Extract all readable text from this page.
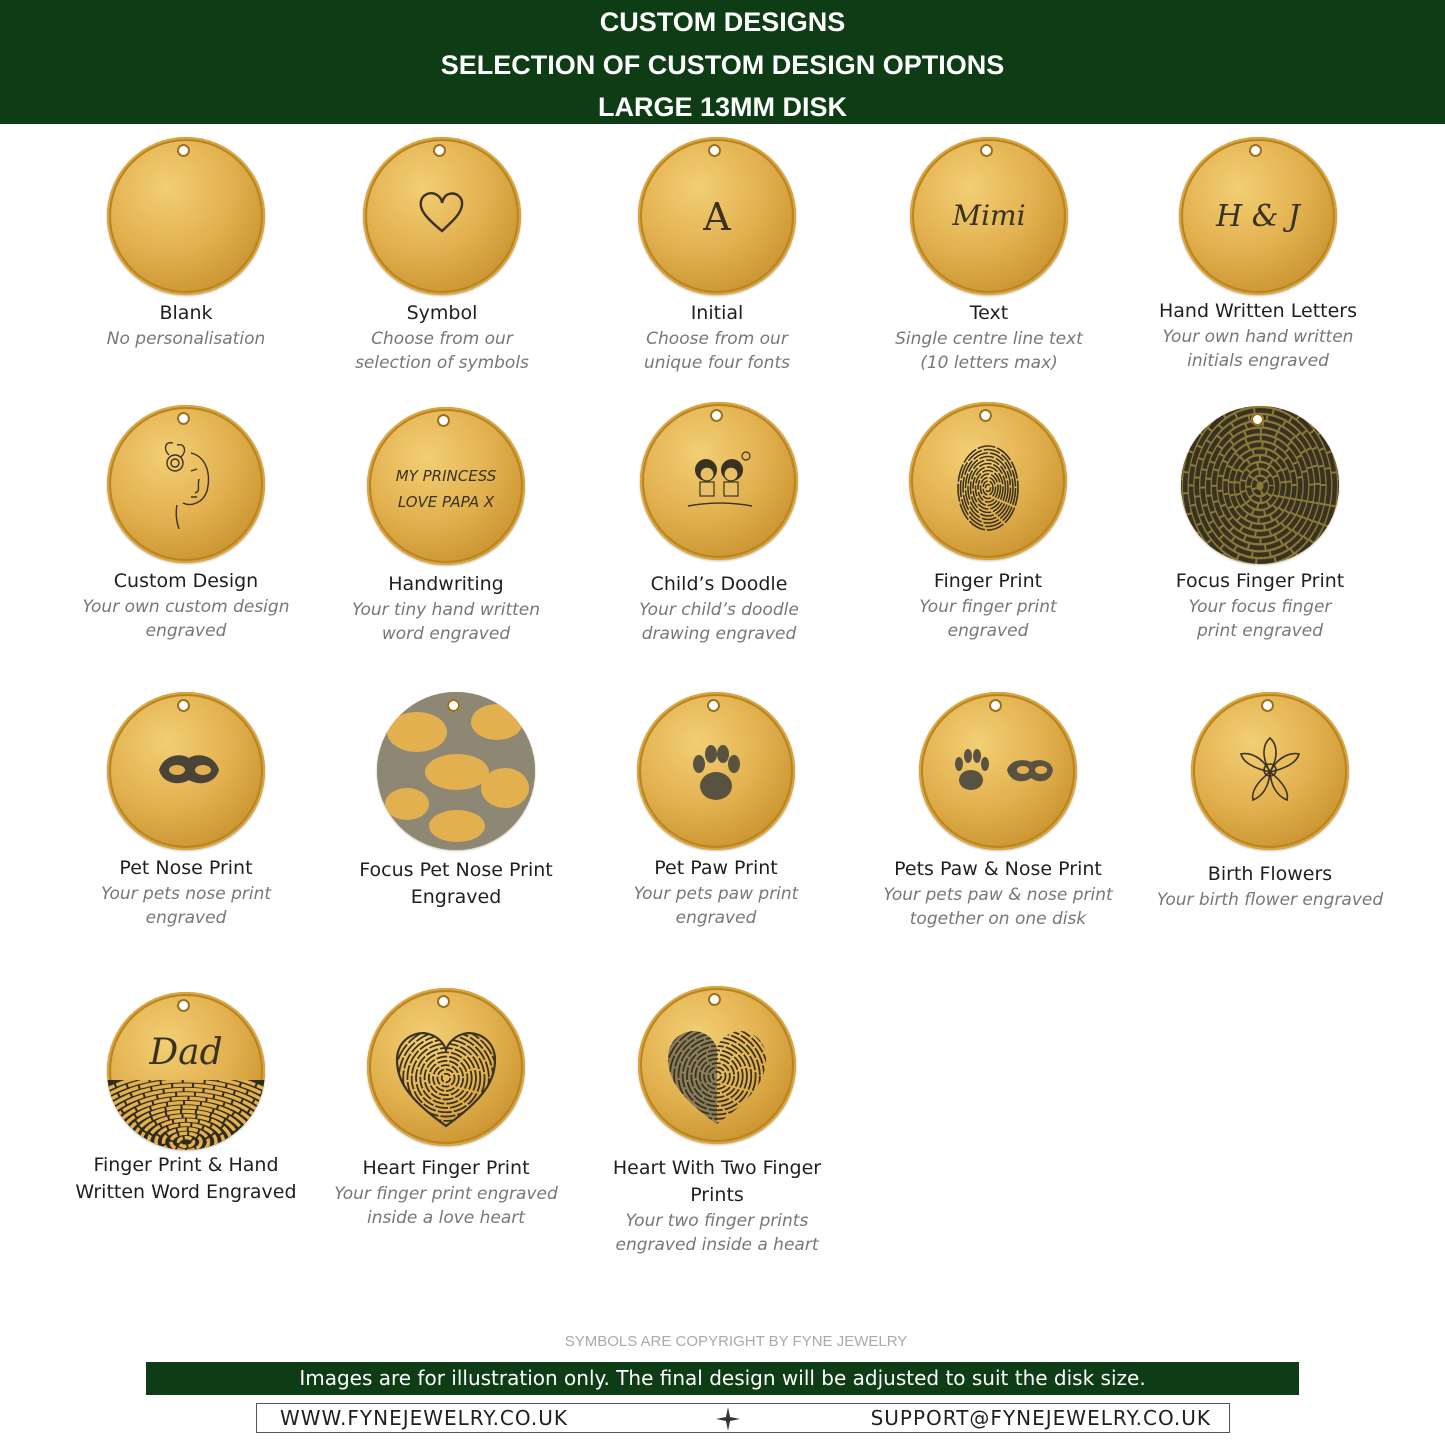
CUSTOM DESIGNS
SELECTION OF CUSTOM DESIGN OPTIONS
LARGE 13MM DISK
Blank
No personalisation
Symbol
Choose from our
selection of symbols
A
Initial
Choose from our
unique four fonts
Mimi
Text
Single centre line text
(10 letters max)
H & J
Hand Written Letters
Your own hand written
initials engraved
Custom Design
Your own custom design
engraved
MY PRINCESS
LOVE PAPA X
Handwriting
Your tiny hand written
word engraved
Child’s Doodle
Your child’s doodle
drawing engraved
Finger Print
Your finger print
engraved
Focus Finger Print
Your focus finger
print engraved
Pet Nose Print
Your pets nose print
engraved
Focus Pet Nose Print
Engraved
Pet Paw Print
Your pets paw print
engraved
Pets Paw & Nose Print
Your pets paw & nose print
together on one disk
Birth Flowers
Your birth flower engraved
Dad
Finger Print & Hand
Written Word Engraved
Heart Finger Print
Your finger print engraved
inside a love heart
Heart With Two Finger Prints
Your two finger prints
engraved inside a heart
SYMBOLS ARE COPYRIGHT BY FYNE JEWELRY
Images are for illustration only. The final design will be adjusted to suit the disk size.
WWW.FYNEJEWELRY.CO.UK	SUPPORT@FYNEJEWELRY.CO.UK
